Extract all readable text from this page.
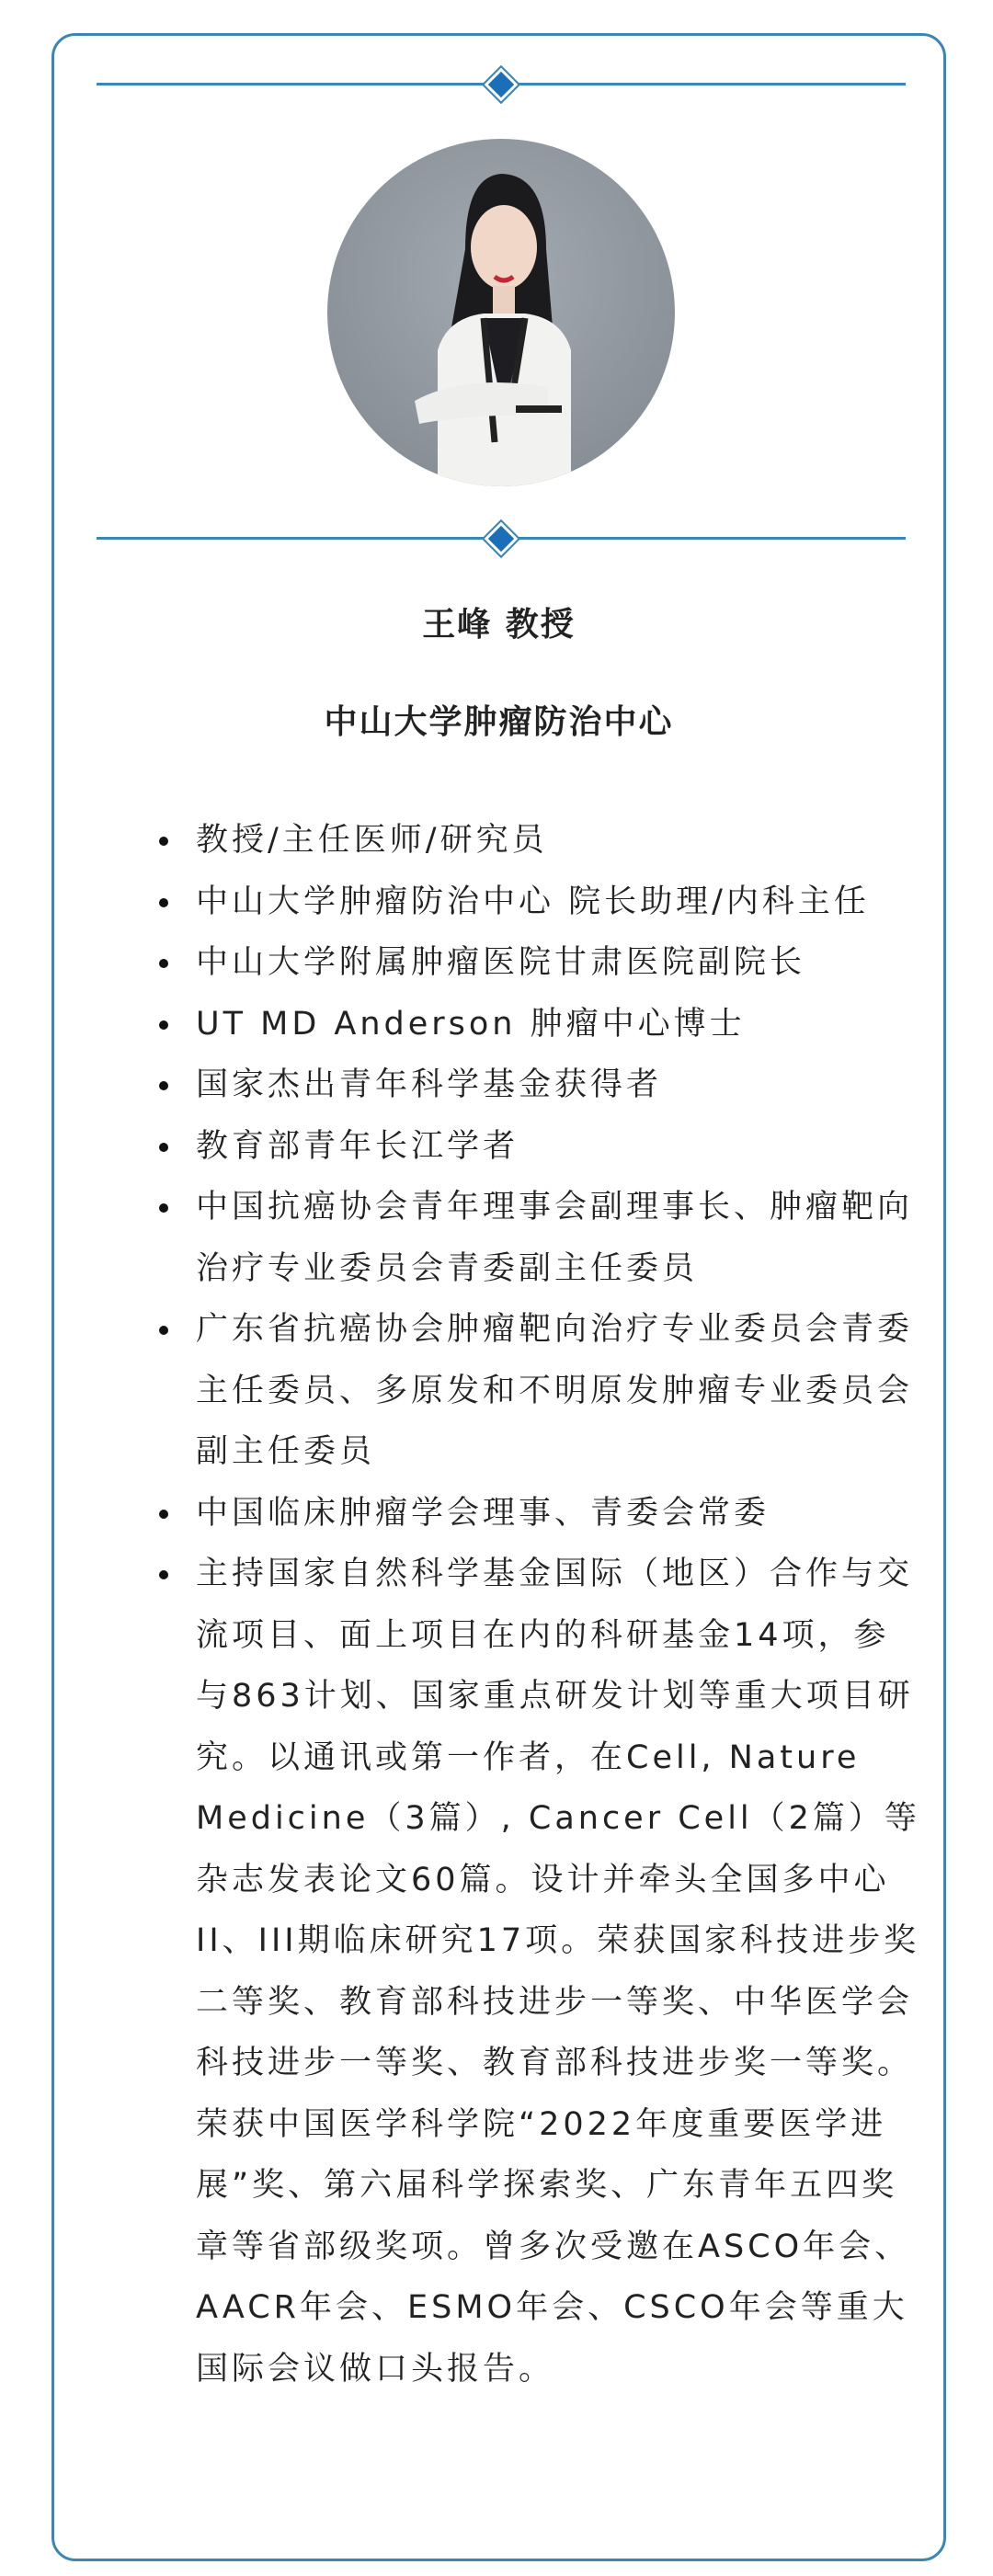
王峰 教授
中山大学肿瘤防治中心
教授/主任医师/研究员
中山大学肿瘤防治中心 院长助理/内科主任
中山大学附属肿瘤医院甘肃医院副院长
UT MD Anderson 肿瘤中心博士
国家杰出青年科学基金获得者
教育部青年长江学者
中国抗癌协会青年理事会副理事长、肿瘤靶向治疗专业委员会青委副主任委员
广东省抗癌协会肿瘤靶向治疗专业委员会青委主任委员、多原发和不明原发肿瘤专业委员会副主任委员
中国临床肿瘤学会理事、青委会常委
主持国家自然科学基金国际（地区）合作与交流项目、面上项目在内的科研基金14项，参与863计划、国家重点研发计划等重大项目研究。以通讯或第一作者，在Cell, Nature Medicine（3篇）, Cancer Cell（2篇）等杂志发表论文60篇。设计并牵头全国多中心II、III期临床研究17项。荣获国家科技进步奖二等奖、教育部科技进步一等奖、中华医学会科技进步一等奖、教育部科技进步奖一等奖。荣获中国医学科学院“2022年度重要医学进展”奖、第六届科学探索奖、广东青年五四奖章等省部级奖项。曾多次受邀在ASCO年会、AACR年会、ESMO年会、CSCO年会等重大国际会议做口头报告。
